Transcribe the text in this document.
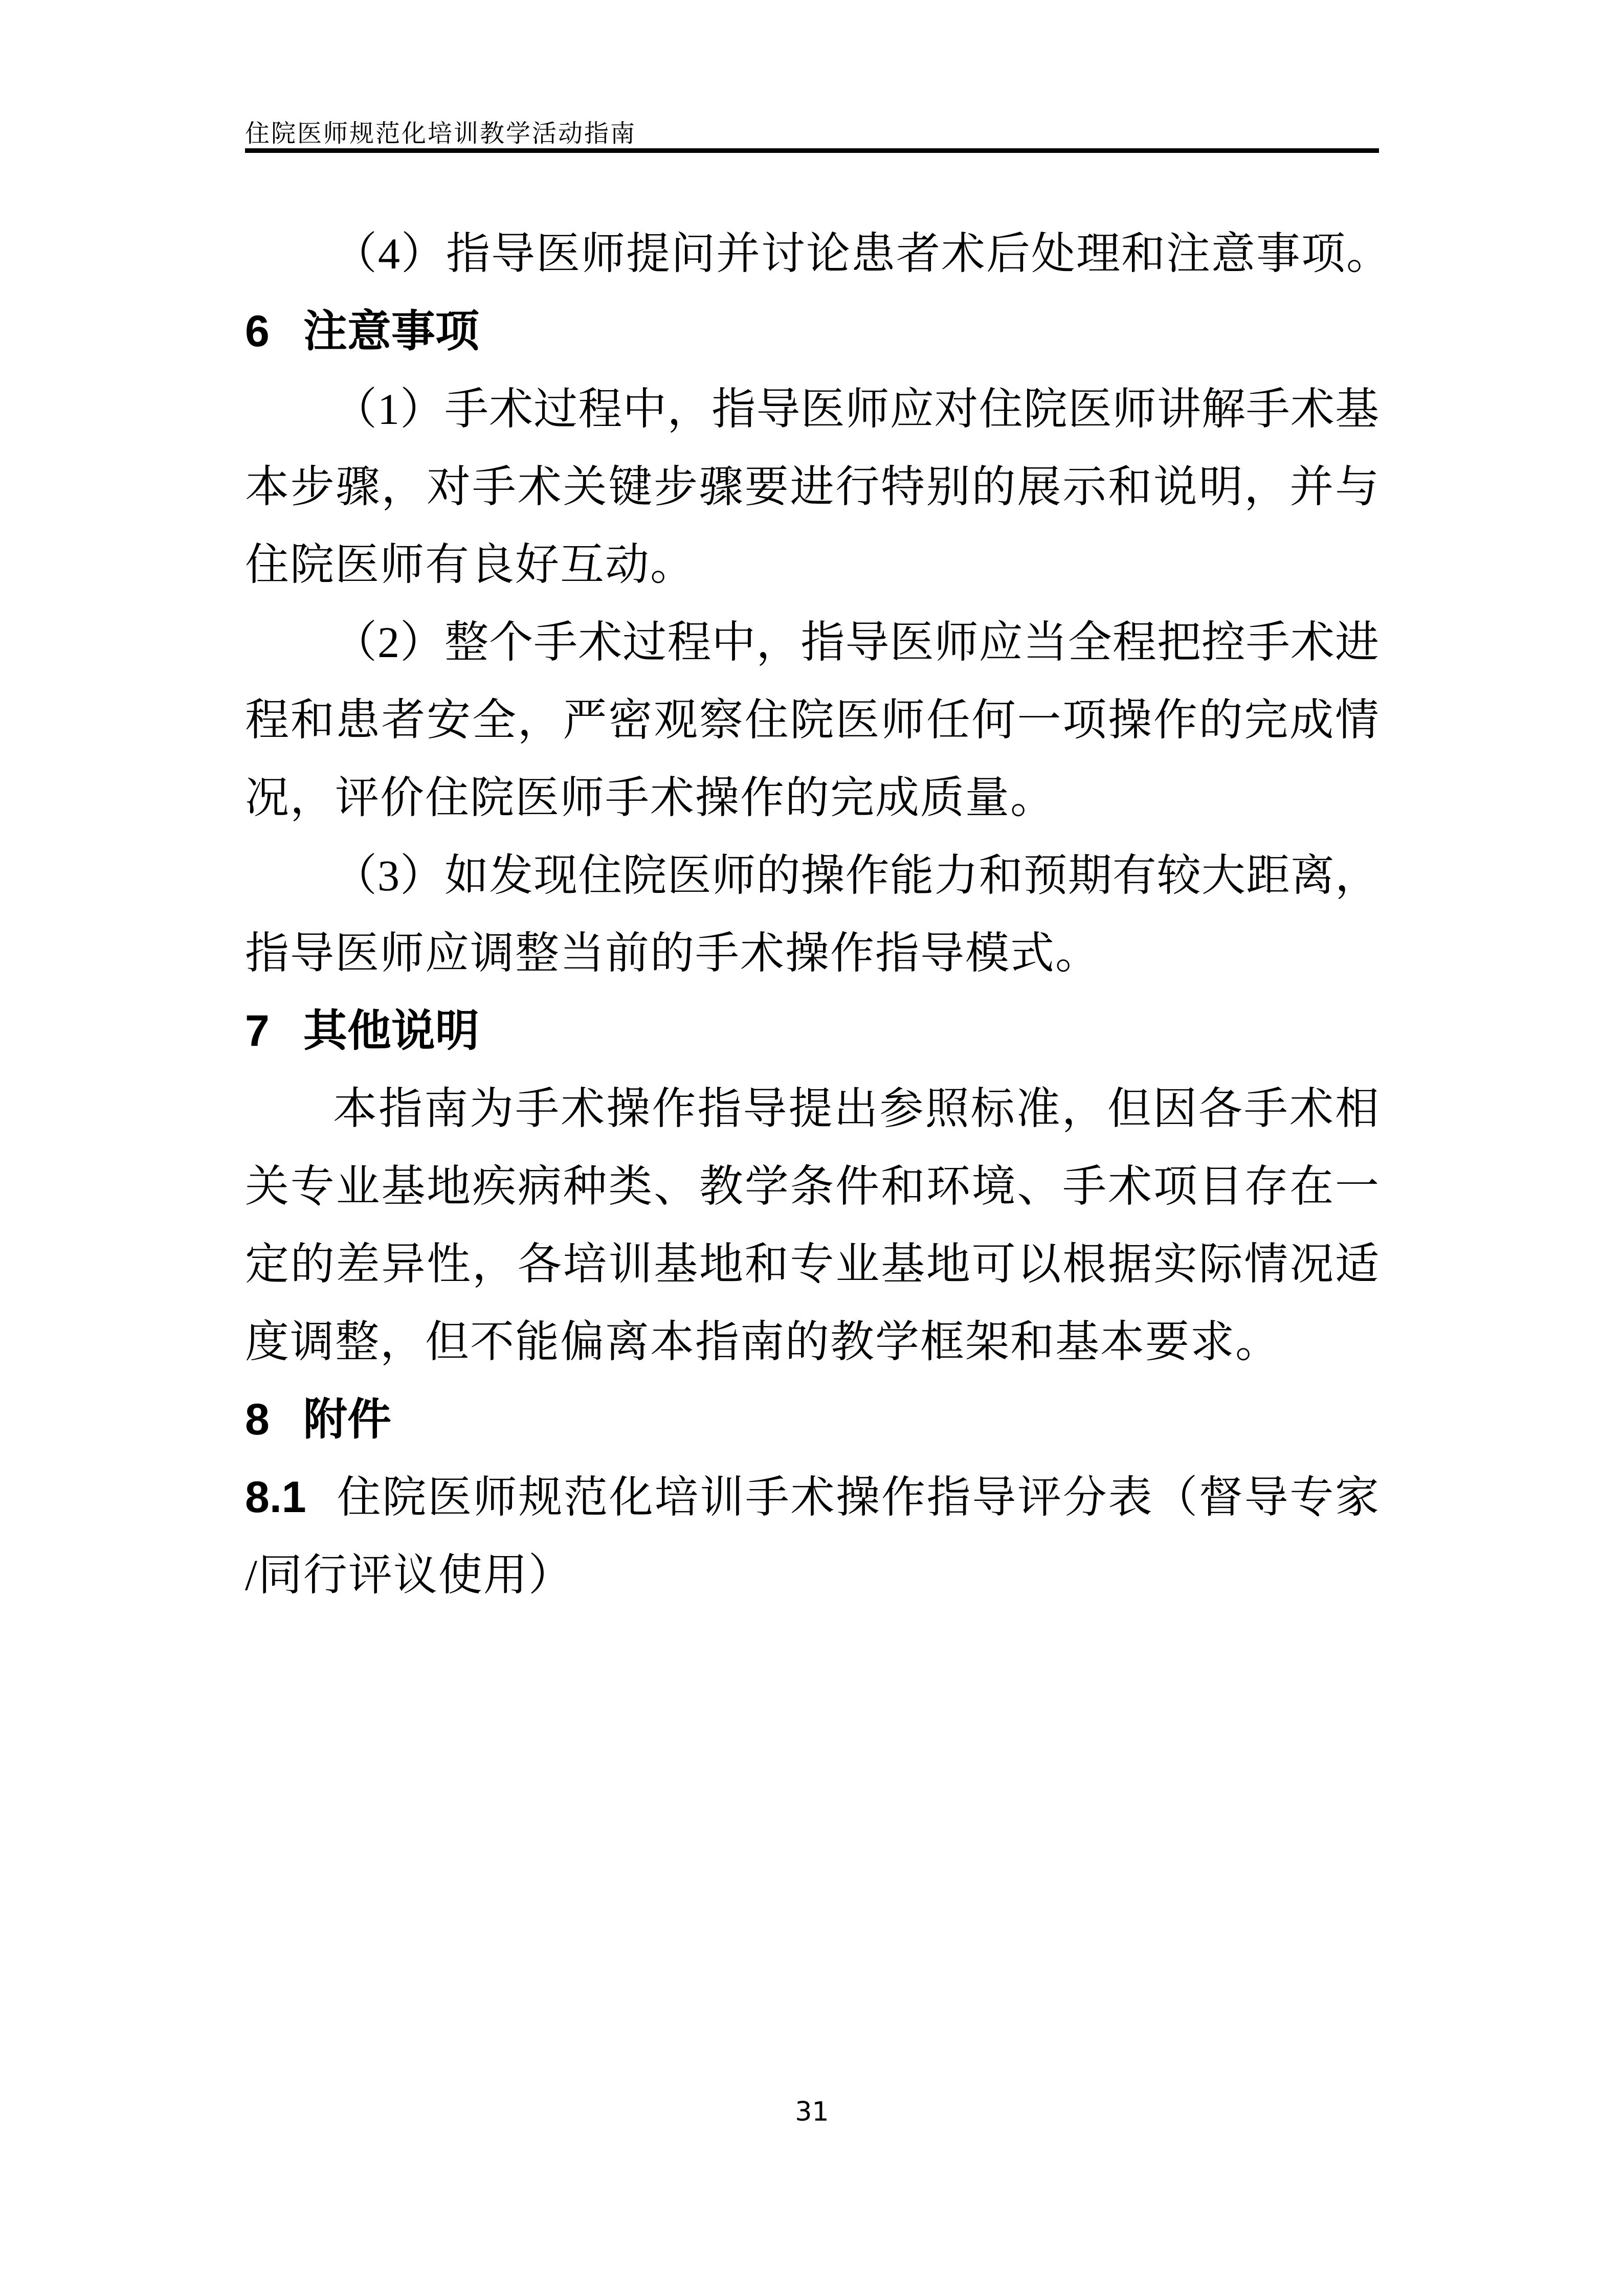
住院医师规范化培训教学活动指南
（4）指导医师提问并讨论患者术后处理和注意事项。
6 注意事项
（1）手术过程中，指导医师应对住院医师讲解手术基
本步骤，对手术关键步骤要进行特别的展示和说明，并与
住院医师有良好互动。
（2）整个手术过程中，指导医师应当全程把控手术进
程和患者安全，严密观察住院医师任何一项操作的完成情
况，评价住院医师手术操作的完成质量。
（3）如发现住院医师的操作能力和预期有较大距离，
指导医师应调整当前的手术操作指导模式。
7 其他说明
本指南为手术操作指导提出参照标准，但因各手术相
关专业基地疾病种类、教学条件和环境、手术项目存在一
定的差异性，各培训基地和专业基地可以根据实际情况适
度调整，但不能偏离本指南的教学框架和基本要求。
8 附件
8.1 住院医师规范化培训手术操作指导评分表（督导专家
/同行评议使用）
31
